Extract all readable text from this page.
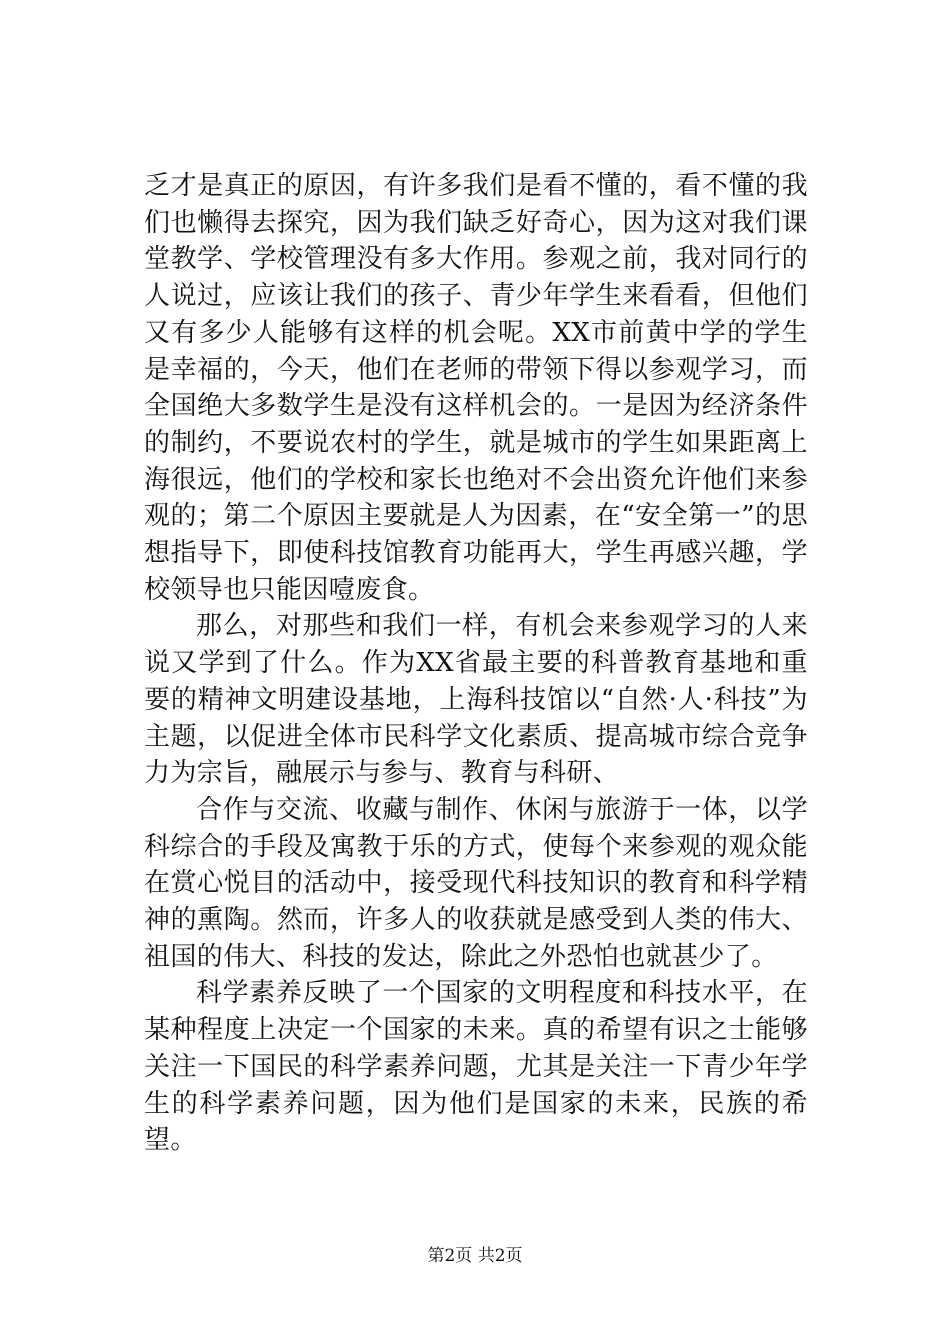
乏才是真正的原因，有许多我们是看不懂的，看不懂的我们也懒得去探究，因为我们缺乏好奇心，因为这对我们课堂教学、学校管理没有多大作用。参观之前，我对同行的人说过，应该让我们的孩子、青少年学生来看看，但他们又有多少人能够有这样的机会呢。XX市前黄中学的学生是幸福的，今天，他们在老师的带领下得以参观学习，而全国绝大多数学生是没有这样机会的。一是因为经济条件的制约，不要说农村的学生，就是城市的学生如果距离上海很远，他们的学校和家长也绝对不会出资允许他们来参观的；第二个原因主要就是人为因素，在“安全第一”的思想指导下，即使科技馆教育功能再大，学生再感兴趣，学校领导也只能因噎废食。

那么，对那些和我们一样，有机会来参观学习的人来说又学到了什么。作为XX省最主要的科普教育基地和重要的精神文明建设基地，上海科技馆以“自然·人·科技”为主题，以促进全体市民科学文化素质、提高城市综合竞争力为宗旨，融展示与参与、教育与科研、

合作与交流、收藏与制作、休闲与旅游于一体，以学科综合的手段及寓教于乐的方式，使每个来参观的观众能在赏心悦目的活动中，接受现代科技知识的教育和科学精神的熏陶。然而，许多人的收获就是感受到人类的伟大、祖国的伟大、科技的发达，除此之外恐怕也就甚少了。

科学素养反映了一个国家的文明程度和科技水平，在某种程度上决定一个国家的未来。真的希望有识之士能够关注一下国民的科学素养问题，尤其是关注一下青少年学生的科学素养问题，因为他们是国家的未来，民族的希望。

第2页 共2页
